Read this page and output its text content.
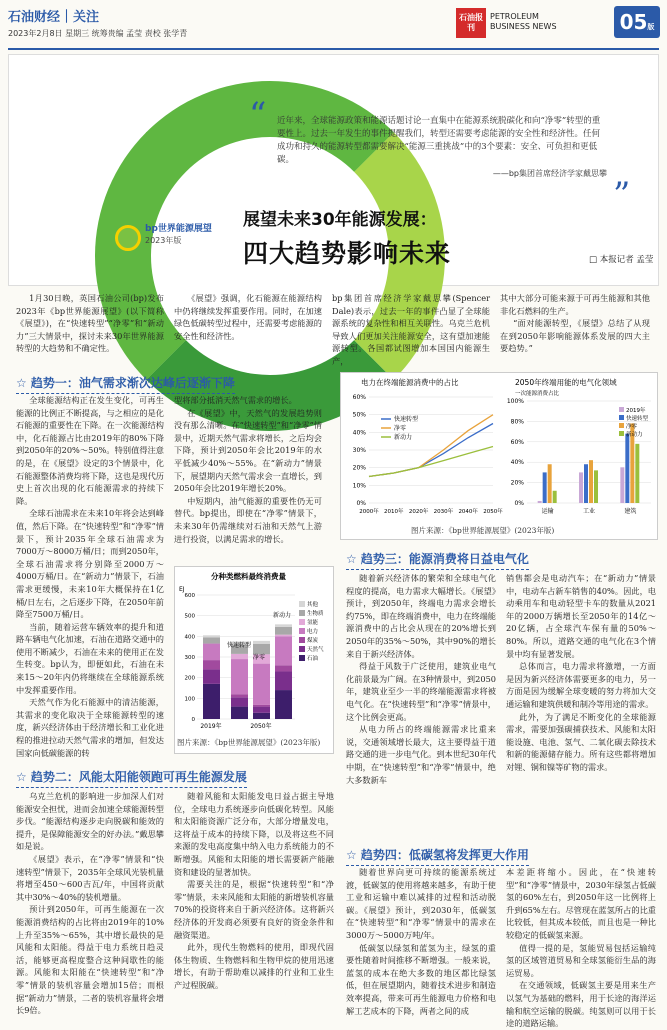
石油财经｜关注
2023年2月8日 星期三 统筹贵编 孟莹 责校 张学青
石油报刊
PETROLEUM
BUSINESS NEWS	05版
“
”
近年来，全球能源政策和能源话题讨论一直集中在能源系统脱碳化和向“净零”转型的重要性上。过去一年发生的事件提醒我们，转型还需要考虑能源的安全性和经济性。任何成功和持久的能源转型都需要解决“能源三重挑战”中的3个要素：安全、可负担和更低碳。
——bp集团首席经济学家戴思攀
bp世界能源展望
2023年版
展望未来30年能源发展：
四大趋势影响未来	□ 本报记者 孟莹

1月30日晚，英国石油公司(bp)发布2023年《bp世界能源展望》(以下简称《展望》)，在“快速转型”“净零”和“新动力”三大情景中，探讨未来30年世界能源转型的大趋势和不确定性。

《展望》强调，化石能源在能源结构中仍将继续发挥重要作用。同时，在加速绿色低碳转型过程中，还需要考虑能源的安全性和经济性。

bp集团首席经济学家戴思攀(Spencer Dale)表示，过去一年的事件凸显了全球能源系统的复杂性和相互关联性。乌克兰危机导致人们更加关注能源安全，这有望加速能源转型。各国都试图增加本国国内能源生产，

其中大部分可能来源于可再生能源和其他非化石燃料的生产。

“面对能源转型，《展望》总结了从现在到2050年影响能源体系发展的四大主要趋势。”

☆ 趋势一：油气需求渐次达峰后逐渐下降

全球能源结构正在发生变化，可再生能源的比例正不断提高，与之相应的是化石能源的重要性在下降。在一次能源结构中，化石能源占比由2019年的80%下降到2050年的20%～50%。特别值得注意的是，在《展望》设定的3个情景中，化石能源整体消费均将下降，这也是现代历史上首次出现的化石能源需求的持续下降。

全球石油需求在未来10年将会达到峰值，然后下降。在“快速转型”和“净零”情景下，预计2035年全球石油需求为7000万～8000万桶/日；而到2050年，全球石油需求将分别降至2000万～4000万桶/日。在“新动力”情景下，石油需求更缓慢，未来10年大概保持在1亿桶/日左右，之后逐步下降，在2050年前降至7500万桶/日。

当前，随着运营车辆效率的提升和道路车辆电气化加速，石油在道路交通中的使用不断减少，石油在未来的使用正在发生转变。bp认为，即便如此，石油在未来15～20年内仍将继续在全球能源系统中发挥重要作用。

天然气作为化石能源中的清洁能源，其需求的变化取决于全球能源转型的速度，新兴经济体由于经济增长和工业化进程的推进拉动天然气需求的增加，但发达国家向低碳能源的转

型将部分抵消天然气需求的增长。

在《展望》中，天然气的发展趋势则没有那么清晰。在“快速转型”和“净零”情景中，近期天然气需求将增长，之后均会下降，预计到2050年会比2019年的水平低减少40%～55%。在“新动力”情景下，展望期内天然气需求会一直增长，到2050年会比2019年增长20%。

中短期内，油气能源的重要性仍无可替代。bp提出，即使在“净零”情景下，未来30年仍需继续对石油和天然气上游进行投资，以满足需求的增长。

分种类燃料最终消费量
EJ
0
100
200
300
400
500
600
2019年	2050年
快速转型
净零
新动力
其他
生物质
氢能
电力
煤炭
天然气
石油
图片来源：《bp世界能源展望》(2023年版)
电力在终端能源消费中的占比
0%
10%
20%
30%
40%
50%
60%
2000年 2010年 2020年 2030年 2040年 2050年
快速转型
净零
新动力
2050年终端用能的电气化领域
一次能源消费占比
0%
20%
40%
60%
80%
100%
运输	工业	建筑
2019年
快速转型
净零
新动力
图片来源：《bp世界能源展望》(2023年版)
☆ 趋势二：风能太阳能领跑可再生能源发展

乌克兰危机的影响进一步加深人们对能源安全担忧，进而会加速全球能源转型步伐。“能源结构逐步走向脱碳和能效的提升，是保障能源安全的好办法。”戴思攀如是说。

《展望》表示，在“净零”情景和“快速转型”情景下，2035年全球风光装机量将增至450～600吉瓦/年，中国将贡献其中30%～40%的装机增量。

预计到2050年，可再生能源在一次能源消费结构的占比将由2019年的10%上升至35%～65%，其中增长最快的是风能和太阳能。得益于电力系统日趋灵活，能够更高程度整合这种间歇性的能源。风能和太阳能在“快速转型”和“净零”情景的装机容量会增加15倍；而根据“新动力”情景，二者的装机容量将会增长9倍。

随着风能和太阳能发电日益占据主导地位，全球电力系统逐步向低碳化转型。风能和太阳能资源广泛分布，大部分增量发电，这将益于成本的持续下降，以及将这些不同来源的发电高度集中纳入电力系统能力的不断增强。风能和太阳能的增长需要新产能融资和建设的显著加快。

需要关注的是，根据“快速转型”和“净零”情景，未来风能和太阳能的新增装机容量70%的投资将来自于新兴经济体。这将新兴经济体的开发商必须要有良好的资金条件和融资渠道。

此外，现代生物燃料的使用，即现代固体生物质、生物燃料和生物甲烷的使用迅速增长，有助于帮助难以减排的行业和工业生产过程脱碳。

☆ 趋势三：能源消费将日益电气化

随着新兴经济体的繁荣和全球电气化程度的提高，电力需求大幅增长。《展望》预计，到2050年，终端电力需求会增长约75%，即在终端消费中，电力在终端能源消费中的占比会从现在的20%增长到2050年的35%～50%，其中90%的增长来自于新兴经济体。

得益于风数于广泛使用，建筑业电气化前景最为广阔。在3种情景中，到2050年，建筑业至少一半的终端能源需求将被电气化。在“快速转型”和“净零”情景中，这个比例会更高。

从电力所占的终端能源需求比重来说，交通领域增长最大，这主要得益于道路交通的进一步电气化。到本世纪30年代中期，在“快速转型”和“净零”情景中，绝大多数新车

销售都会是电动汽车；在“新动力”情景中，电动车占新车销售的40%。因此，电动乘用车和电动轻型卡车的数量从2021年的2000万辆增长至2050年的14亿～20亿辆，占全球汽车保有量的50%～80%。所以，道路交通的电气化在3个情景中均有显著发展。

总体而言，电力需求将激增，一方面是因为新兴经济体需要更多的电力，另一方面是因为缓解全球变暖的努力将加大交通运输和建筑供暖和制冷等用途的需求。

此外，为了满足不断变化的全球能源需求，需要加强碳捕获技术、风能和太阳能设施、电池、氢气、二氧化碳去除技术和新的能源储存能力。所有这些都将增加对锂、铜和镍等矿物的需求。

☆ 趋势四：低碳氢将发挥更大作用

随着世界向更可持续的能源系统过渡，低碳氢的使用将越来越多，有助于使工业和运输中难以减排的过程和活动脱碳。《展望》预计，到2030年，低碳氢在“快速转型”和“净零”情景中的需求在3000万～5000万吨/年。

低碳氢以绿氢和蓝氢为主，绿氢的重要性随着时间推移不断增强。一般来说，蓝氢的成本在绝大多数的地区都比绿氢低，但在展望期内，随着技术进步和制造效率提高，带来可再生能源电力价格和电解工艺成本的下降，两者之间的成

本差距将缩小。因此，在“快速转型”和“净零”情景中，2030年绿氢占低碳氢的60%左右，到2050年这一比例将上升到65%左右。尽管现在蓝氢所占的比重比较低，但其成本较低，而且也是一种比较稳定的低碳氢来源。

值得一提的是，氢能贸易包括运输纯氢的区域管道贸易和全球氢能衍生品的海运贸易。

在交通领域，低碳氢主要是用来生产以氢气为基础的燃料，用于长途的海洋运输和航空运输的脱碳。纯氢则可以用于长途的道路运输。
